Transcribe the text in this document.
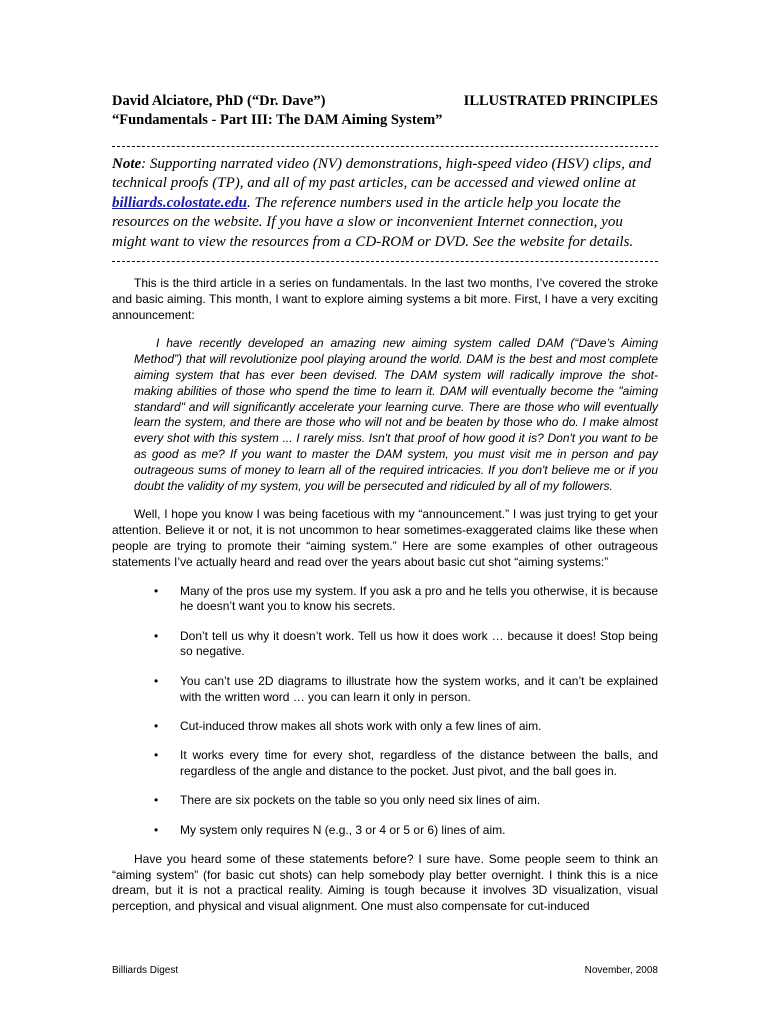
David Alciatore, PhD (“Dr. Dave”)	ILLUSTRATED PRINCIPLES
“Fundamentals - Part III: The DAM Aiming System”
Note: Supporting narrated video (NV) demonstrations, high-speed video (HSV) clips, and technical proofs (TP), and all of my past articles, can be accessed and viewed online at billiards.colostate.edu. The reference numbers used in the article help you locate the resources on the website. If you have a slow or inconvenient Internet connection, you might want to view the resources from a CD-ROM or DVD. See the website for details.

This is the third article in a series on fundamentals. In the last two months, I’ve covered the stroke and basic aiming. This month, I want to explore aiming systems a bit more. First, I have a very exciting announcement:

I have recently developed an amazing new aiming system called DAM (“Dave’s Aiming Method”) that will revolutionize pool playing around the world. DAM is the best and most complete aiming system that has ever been devised. The DAM system will radically improve the shot-making abilities of those who spend the time to learn it. DAM will eventually become the "aiming standard" and will significantly accelerate your learning curve. There are those who will eventually learn the system, and there are those who will not and be beaten by those who do. I make almost every shot with this system ... I rarely miss. Isn't that proof of how good it is? Don't you want to be as good as me? If you want to master the DAM system, you must visit me in person and pay outrageous sums of money to learn all of the required intricacies. If you don't believe me or if you doubt the validity of my system, you will be persecuted and ridiculed by all of my followers.

Well, I hope you know I was being facetious with my “announcement.” I was just trying to get your attention. Believe it or not, it is not uncommon to hear sometimes-exaggerated claims like these when people are trying to promote their “aiming system.” Here are some examples of other outrageous statements I’ve actually heard and read over the years about basic cut shot “aiming systems:”

• Many of the pros use my system. If you ask a pro and he tells you otherwise, it is because he doesn’t want you to know his secrets.
• Don’t tell us why it doesn’t work. Tell us how it does work … because it does! Stop being so negative.
• You can’t use 2D diagrams to illustrate how the system works, and it can’t be explained with the written word … you can learn it only in person.
• Cut-induced throw makes all shots work with only a few lines of aim.
• It works every time for every shot, regardless of the distance between the balls, and regardless of the angle and distance to the pocket. Just pivot, and the ball goes in.
• There are six pockets on the table so you only need six lines of aim.
• My system only requires N (e.g., 3 or 4 or 5 or 6) lines of aim.

Have you heard some of these statements before? I sure have. Some people seem to think an “aiming system” (for basic cut shots) can help somebody play better overnight. I think this is a nice dream, but it is not a practical reality. Aiming is tough because it involves 3D visualization, visual perception, and physical and visual alignment. One must also compensate for cut-induced

Billiards Digest	November, 2008
